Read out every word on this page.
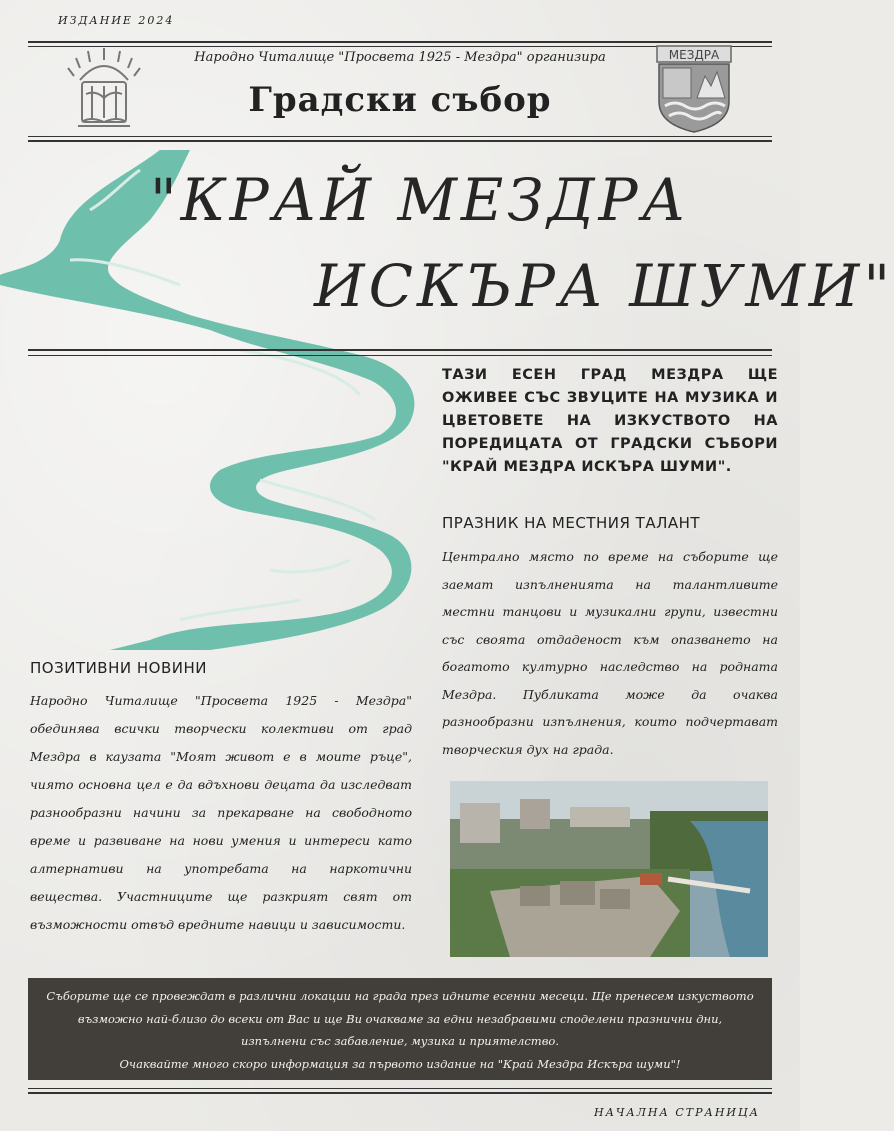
ИЗДАНИЕ 2024
Народно Читалище "Просвета 1925 - Мездра" организира
Градски събор
МЕЗДРА
"КРАЙ МЕЗДРА
ИСКЪРА ШУМИ"
ТАЗИ ЕСЕН ГРАД МЕЗДРА ЩЕ ОЖИВЕЕ СЪС ЗВУЦИТЕ НА МУЗИКА И ЦВЕТОВЕТЕ НА ИЗКУСТВОТО НА ПОРЕДИЦАТА ОТ ГРАДСКИ СЪБОРИ "КРАЙ МЕЗДРА ИСКЪРА ШУМИ".
ПРАЗНИК НА МЕСТНИЯ ТАЛАНТ
Централно място по време на съборите ще заемат изпълненията на талантливите местни танцови и музикални групи, известни със своята отдаденост към опазването на богатото културно наследство на родната Мездра. Публиката може да очаква разнообразни изпълнения, които подчертават творческия дух на града.
ПОЗИТИВНИ НОВИНИ
Народно Читалище "Просвета 1925 - Мездра" обединява всички творчески колективи от град Мездра в каузата "Моят живот е в моите ръце", чиято основна цел е да вдъхнови децата да изследват разнообразни начини за прекарване на свободното време и развиване на нови умения и интереси като алтернативи на употребата на наркотични вещества. Участниците ще разкрият свят от възможности отвъд вредните навици и зависимости.

Съборите ще се провеждат в различни локации на града през идните есенни месеци. Ще пренесем изкуството

възможно най-близо до всеки от Вас и ще Ви очакваме за едни незабравими споделени празнични дни,

изпълнени със забавление, музика и приятелство.

Очаквайте много скоро информация за първото издание на "Край Мездра Искъра шуми"!

НАЧАЛНА СТРАНИЦА
